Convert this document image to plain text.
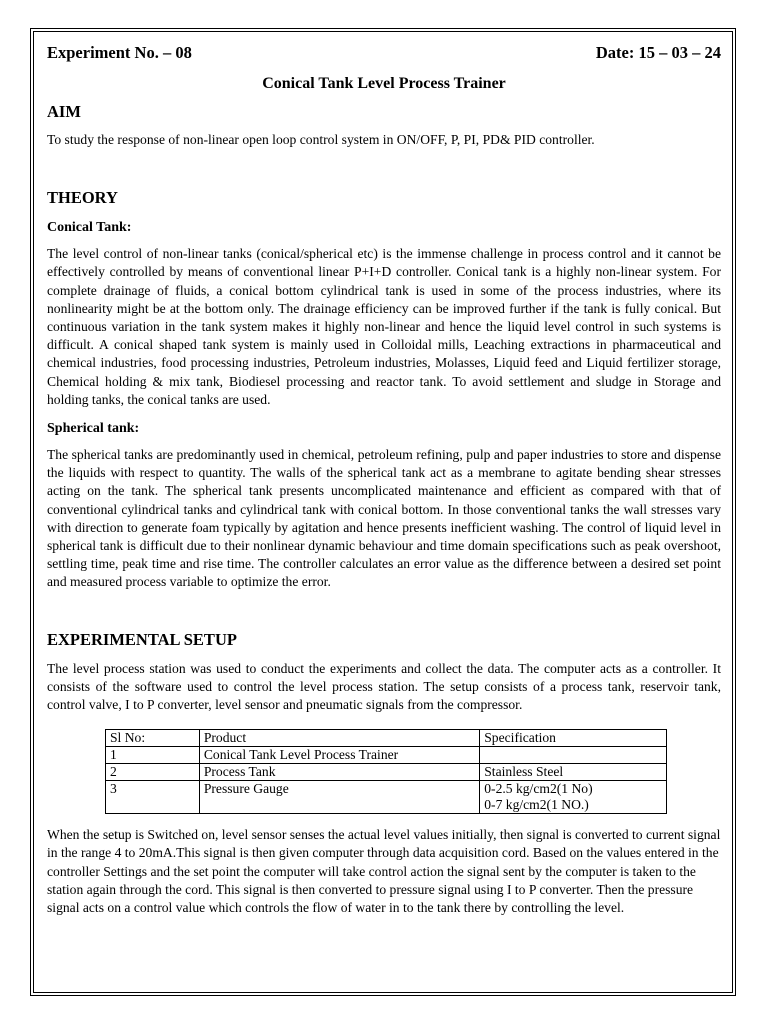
Experiment No. – 08	Date: 15 – 03 – 24
Conical Tank Level Process Trainer
AIM

To study the response of non-linear open loop control system in ON/OFF, P, PI, PD& PID controller.

THEORY
Conical Tank:

The level control of non-linear tanks (conical/spherical etc) is the immense challenge in process control and it cannot be effectively controlled by means of conventional linear P+I+D controller. Conical tank is a highly non-linear system. For complete drainage of fluids, a conical bottom cylindrical tank is used in some of the process industries, where its nonlinearity might be at the bottom only. The drainage efficiency can be improved further if the tank is fully conical. But continuous variation in the tank system makes it highly non-linear and hence the liquid level control in such systems is difficult. A conical shaped tank system is mainly used in Colloidal mills, Leaching extractions in pharmaceutical and chemical industries, food processing industries, Petroleum industries, Molasses, Liquid feed and Liquid fertilizer storage, Chemical holding & mix tank, Biodiesel processing and reactor tank. To avoid settlement and sludge in Storage and holding tanks, the conical tanks are used.

Spherical tank:

The spherical tanks are predominantly used in chemical, petroleum refining, pulp and paper industries to store and dispense the liquids with respect to quantity. The walls of the spherical tank act as a membrane to agitate bending shear stresses acting on the tank. The spherical tank presents uncomplicated maintenance and efficient as compared with that of conventional cylindrical tanks and cylindrical tank with conical bottom. In those conventional tanks the wall stresses vary with direction to generate foam typically by agitation and hence presents inefficient washing. The control of liquid level in spherical tank is difficult due to their nonlinear dynamic behaviour and time domain specifications such as peak overshoot, settling time, peak time and rise time. The controller calculates an error value as the difference between a desired set point and measured process variable to optimize the error.

EXPERIMENTAL SETUP

The level process station was used to conduct the experiments and collect the data. The computer acts as a controller. It consists of the software used to control the level process station. The setup consists of a process tank, reservoir tank, control valve, I to P converter, level sensor and pneumatic signals from the compressor.

Sl No:	Product	Specification
1	Conical Tank Level Process Trainer	
2	Process Tank	Stainless Steel
3	Pressure Gauge	0-2.5 kg/cm2(1 No)
0-7 kg/cm2(1 NO.)

When the setup is Switched on, level sensor senses the actual level values initially, then signal is converted to current signal in the range 4 to 20mA.This signal is then given computer through data acquisition cord. Based on the values entered in the controller Settings and the set point the computer will take control action the signal sent by the computer is taken to the station again through the cord. This signal is then converted to pressure signal using I to P converter. Then the pressure signal acts on a control value which controls the flow of water in to the tank there by controlling the level.
